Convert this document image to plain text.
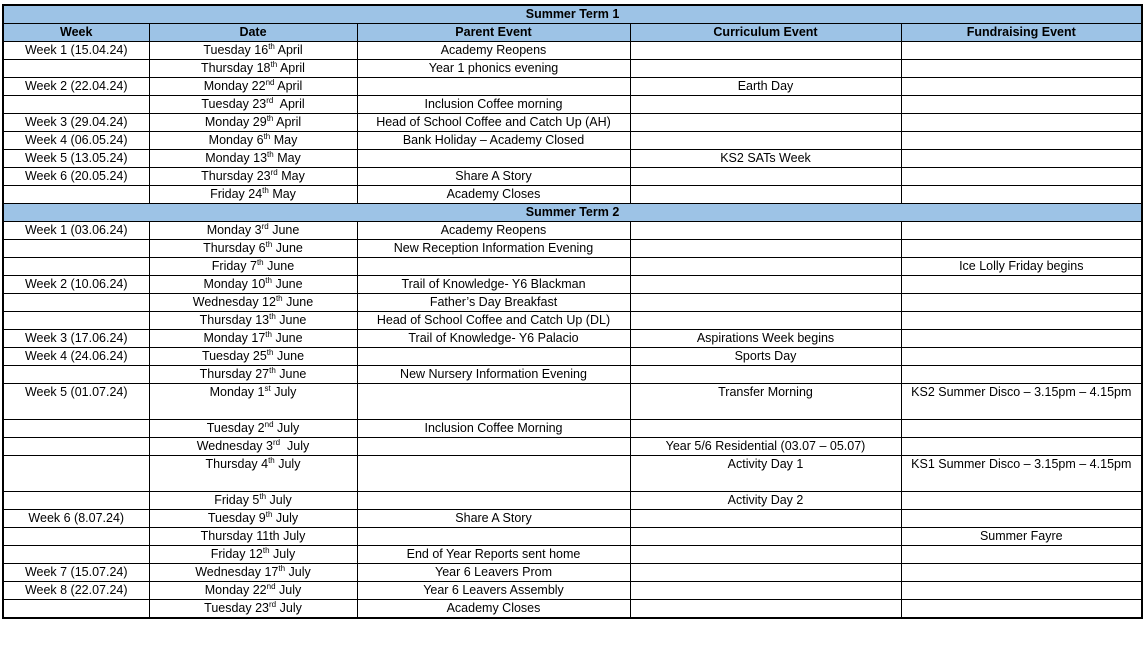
Summer Term 1				
Week	Date	Parent Event	Curriculum Event	Fundraising Event
Week 1 (15.04.24)	Tuesday 16th April	Academy Reopens		
	Thursday 18th April	Year 1 phonics evening		
Week 2 (22.04.24)	Monday 22nd April		Earth Day	
	Tuesday 23rd  April	Inclusion Coffee morning		
Week 3 (29.04.24)	Monday 29th April	Head of School Coffee and Catch Up (AH)		
Week 4 (06.05.24)	Monday 6th May	Bank Holiday – Academy Closed		
Week 5 (13.05.24)	Monday 13th May		KS2 SATs Week	
Week 6 (20.05.24)	Thursday 23rd May	Share A Story		
	Friday 24th May	Academy Closes		
Summer Term 2				
Week 1 (03.06.24)	Monday 3rd June	Academy Reopens		
	Thursday 6th June	New Reception Information Evening		
	Friday 7th June			Ice Lolly Friday begins
Week 2 (10.06.24)	Monday 10th June	Trail of Knowledge- Y6 Blackman		
	Wednesday 12th June	Father’s Day Breakfast		
	Thursday 13th June	Head of School Coffee and Catch Up (DL)		
Week 3 (17.06.24)	Monday 17th June	Trail of Knowledge- Y6 Palacio	Aspirations Week begins	
Week 4 (24.06.24)	Tuesday 25th June		Sports Day	
	Thursday 27th June	New Nursery Information Evening		
Week 5 (01.07.24)	Monday 1st July		Transfer Morning	KS2 Summer Disco – 3.15pm – 4.15pm
	Tuesday 2nd July	Inclusion Coffee Morning		
	Wednesday 3rd  July		Year 5/6 Residential (03.07 – 05.07)	
	Thursday 4th July		Activity Day 1	KS1 Summer Disco – 3.15pm – 4.15pm
	Friday 5th July		Activity Day 2	
Week 6 (8.07.24)	Tuesday 9th July	Share A Story		
	Thursday 11th July			Summer Fayre
	Friday 12th July	End of Year Reports sent home		
Week 7 (15.07.24)	Wednesday 17th July	Year 6 Leavers Prom		
Week 8 (22.07.24)	Monday 22nd July	Year 6 Leavers Assembly		
	Tuesday 23rd July	Academy Closes		
